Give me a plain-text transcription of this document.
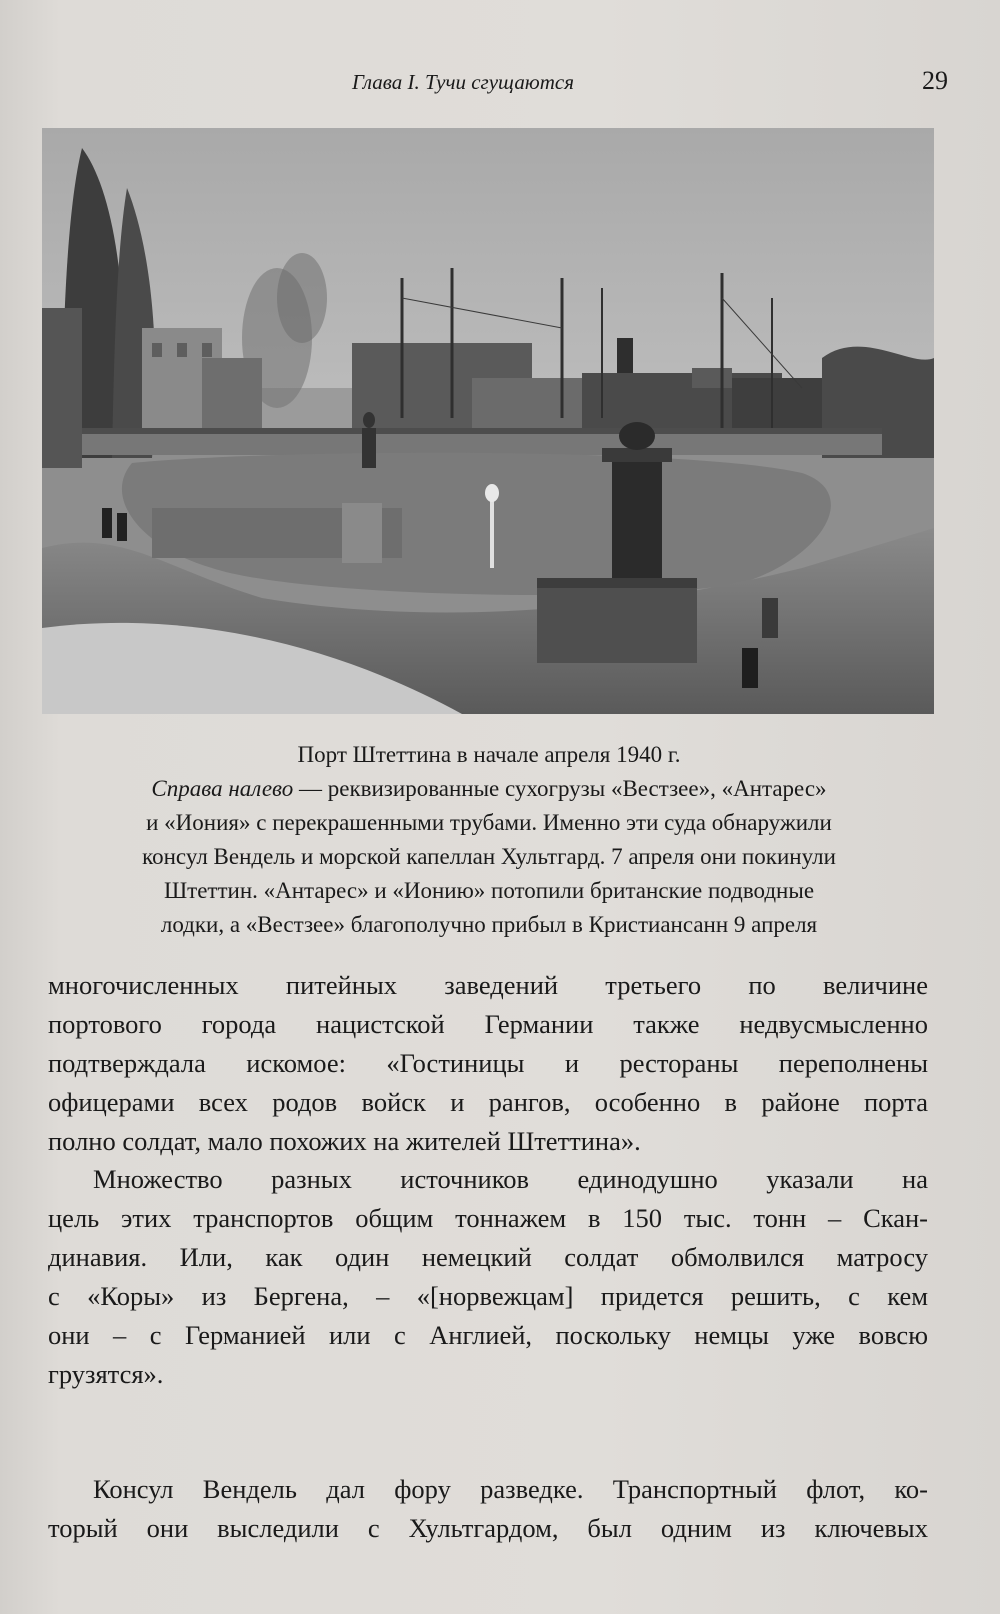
Глава I. Тучи сгущаются	29
Порт Штеттина в начале апреля 1940 г.
Справа налево — реквизированные сухогрузы «Вестзее», «Антарес»
и «Иония» с перекрашенными трубами. Именно эти суда обнаружили
консул Вендель и морской капеллан Хультгард. 7 апреля они покинули
Штеттин. «Антарес» и «Ионию» потопили британские подводные
лодки, а «Вестзее» благополучно прибыл в Кристиансанн 9 апреля
многочисленных питейных заведений третьего по величине
портового города нацистской Германии также недвусмысленно
подтверждала искомое: «Гостиницы и рестораны переполнены
офицерами всех родов войск и рангов, особенно в районе порта
полно солдат, мало похожих на жителей Штеттина».
Множество разных источников единодушно указали на
цель этих транспортов общим тоннажем в 150 тыс. тонн – Скан-
динавия. Или, как один немецкий солдат обмолвился матросу
с «Коры» из Бергена, – «[норвежцам] придется решить, с кем
они – с Германией или с Англией, поскольку немцы уже вовсю
грузятся».
Консул Вендель дал фору разведке. Транспортный флот, ко-
торый они выследили с Хультгардом, был одним из ключевых
